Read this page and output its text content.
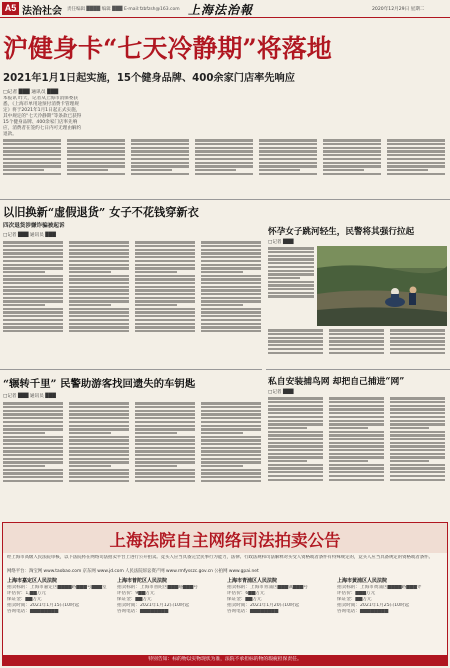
A5 法治社会 责任编辑 ████ 编辑 ███ E-mail:fzbfzsh@163.com 上海法治報	2020年12月29日 星期二
沪健身卡“七天冷静期”将落地
2021年1月1日起实施，15个健身品牌、400余家门店率先响应
□记者 ███ 通讯员 ███
本报讯 昨天，记者从上海市消保委获悉，《上海市单用途预付消费卡管理规定》将于2021年1月1日起正式实施，其中规定的“七天冷静期”等条款已获得15个健身品牌、400余家门店率先响应，消费者在签约七日内可无理由解约退款。
以旧换新“虚假退货” 女子不花钱穿新衣
四次退货涉嫌诈骗被起诉
□记者 ███ 通讯员 ███	怀孕女子跳河轻生，民警将其强行拉起
□记者 ███
“辗转千里” 民警助游客找回遗失的车钥匙
□记者 ███ 通讯员 ███
私自安装捕鸟网 却把自己捕进“网”
□记者 ███
上海法院自主网络司法拍卖公告
经上海市高级人民法院审核，以下法院将在网络司法拍卖平台上进行公开拍卖。竞买人应当具备完全民事行为能力，法律、行政法规和司法解释对买受人资格或者条件有特殊规定的，竞买人应当具备规定的资格或者条件。
网络平台：淘宝网 www.taobao.com 京东网 www.jd.com 人民法院诉讼资产网 www.rmfysszc.gov.cn 公拍网 www.gpai.net
上海市嘉定区人民法院
拍卖标的：上海市嘉定区████路███号███室
评估价：1,██万元
保证金：██万元
拍卖时间：2021年1月15日10时起
咨询电话：████████
上海市普陀区人民法院
拍卖标的：上海市普陀区███路███号
评估价：9██万元
保证金：██万元
拍卖时间：2021年1月12日10时起
咨询电话：████████
上海市青浦区人民法院
拍卖标的：上海市青浦区███镇███号
评估价：6██万元
保证金：██万元
拍卖时间：2021年1月20日10时起
咨询电话：████████
上海市黄浦区人民法院
拍卖标的：上海市黄浦区████路███弄
评估价：███万元
保证金：██万元
拍卖时间：2021年1月25日10时起
咨询电话：████████
特别告知：标的物以实物现状为准，法院不承担标的物的瑕疵担保责任。
